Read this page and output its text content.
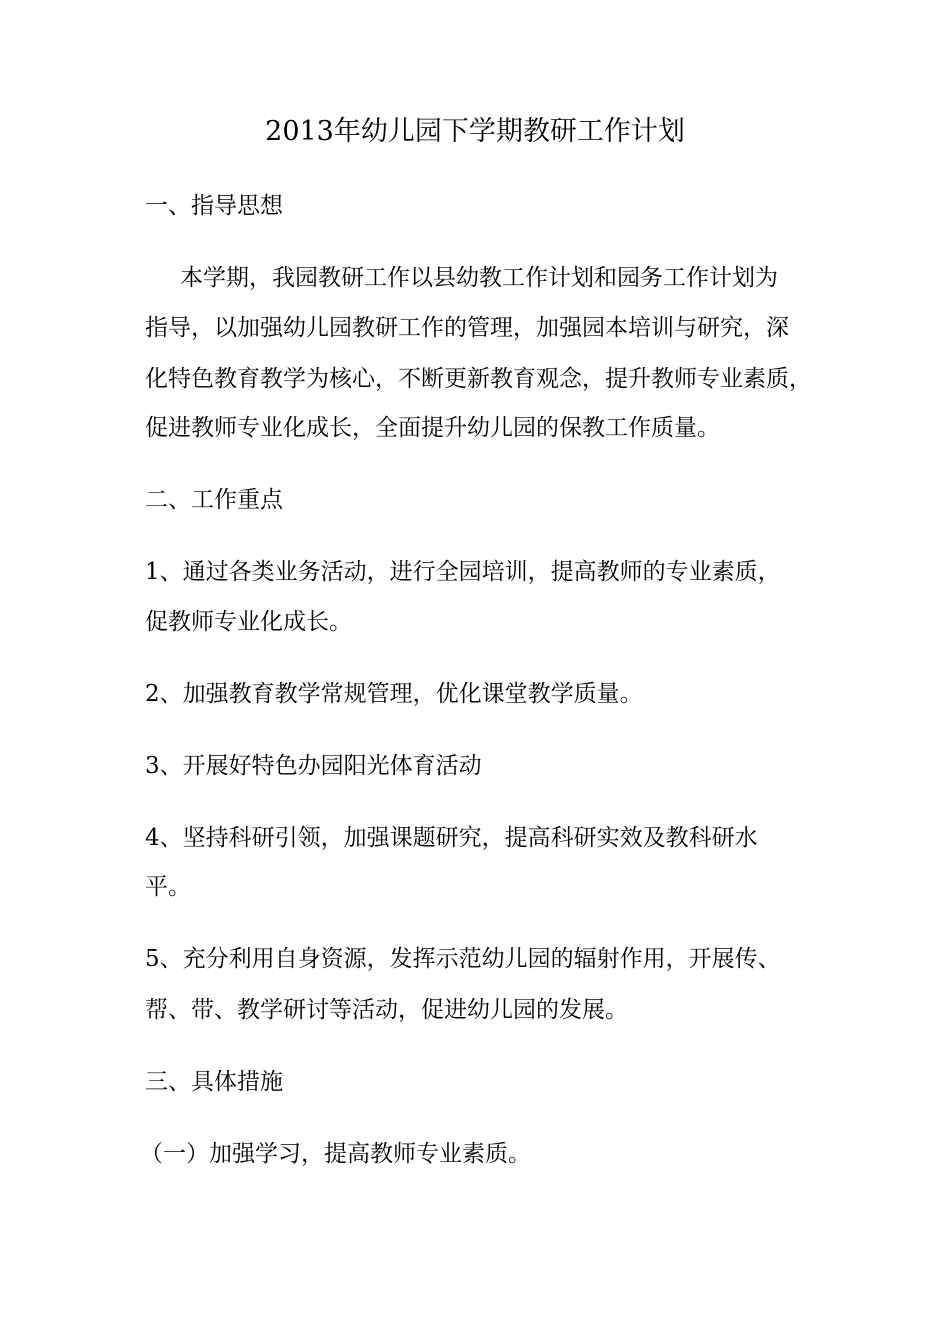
2013年幼儿园下学期教研工作计划
一、指导思想
本学期，我园教研工作以县幼教工作计划和园务工作计划为
指导，以加强幼儿园教研工作的管理，加强园本培训与研究，深
化特色教育教学为核心，不断更新教育观念，提升教师专业素质，
促进教师专业化成长，全面提升幼儿园的保教工作质量。
二、工作重点
1、通过各类业务活动，进行全园培训，提高教师的专业素质，
促教师专业化成长。
2、加强教育教学常规管理，优化课堂教学质量。
3、开展好特色办园阳光体育活动
4、坚持科研引领，加强课题研究，提高科研实效及教科研水
平。
5、充分利用自身资源，发挥示范幼儿园的辐射作用，开展传、
帮、带、教学研讨等活动，促进幼儿园的发展。
三、具体措施
（一）加强学习，提高教师专业素质。
